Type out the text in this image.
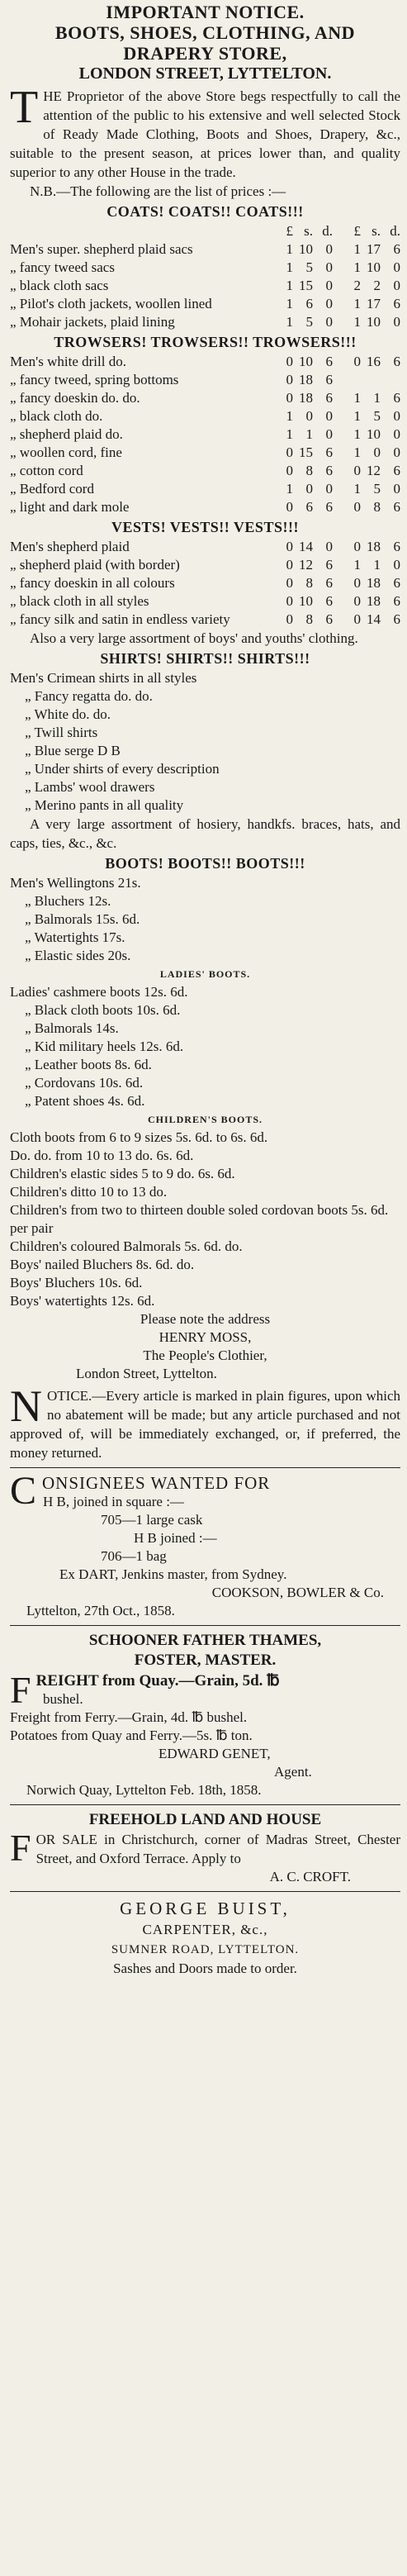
IMPORTANT NOTICE.
BOOTS, SHOES, CLOTHING, AND
DRAPERY STORE,
LONDON STREET, LYTTELTON.
THE Proprietor of the above Store begs respectfully to call the attention of the public to his extensive and well selected Stock of Ready Made Clothing, Boots and Shoes, Drapery, &c., suitable to the present season, at prices lower than, and quality superior to any other House in the trade.
N.B.—The following are the list of prices :—
COATS! COATS!! COATS!!!
	£	s.	d.		£	s.	d.
Men's super. shepherd plaid sacs	1	10	0		1	17	6
„ fancy tweed sacs	1	5	0		1	10	0
„ black cloth sacs	1	15	0		2	2	0
„ Pilot's cloth jackets, woollen lined	1	6	0		1	17	6
„ Mohair jackets, plaid lining	1	5	0		1	10	0
TROWSERS! TROWSERS!! TROWSERS!!!
Men's white drill do.	0	10	6		0	16	6
„ fancy tweed, spring bottoms	0	18	6				
„ fancy doeskin do. do.	0	18	6		1	1	6
„ black cloth do.	1	0	0		1	5	0
„ shepherd plaid do.	1	1	0		1	10	0
„ woollen cord, fine	0	15	6		1	0	0
„ cotton cord	0	8	6		0	12	6
„ Bedford cord	1	0	0		1	5	0
„ light and dark mole	0	6	6		0	8	6
VESTS! VESTS!! VESTS!!!
Men's shepherd plaid	0	14	0		0	18	6
„ shepherd plaid (with border)	0	12	6		1	1	0
„ fancy doeskin in all colours	0	8	6		0	18	6
„ black cloth in all styles	0	10	6		0	18	6
„ fancy silk and satin in endless variety	0	8	6		0	14	6
Also a very large assortment of boys' and youths' clothing.
SHIRTS! SHIRTS!! SHIRTS!!!
Men's Crimean shirts in all styles
„ Fancy regatta do. do.
„ White do. do.
„ Twill shirts
„ Blue serge D B
„ Under shirts of every description
„ Lambs' wool drawers
„ Merino pants in all quality
A very large assortment of hosiery, handkfs. braces, hats, and caps, ties, &c., &c.
BOOTS! BOOTS!! BOOTS!!!
Men's Wellingtons 21s.
„ Bluchers 12s.
„ Balmorals 15s. 6d.
„ Watertights 17s.
„ Elastic sides 20s.
LADIES' BOOTS.
Ladies' cashmere boots 12s. 6d.
„ Black cloth boots 10s. 6d.
„ Balmorals 14s.
„ Kid military heels 12s. 6d.
„ Leather boots 8s. 6d.
„ Cordovans 10s. 6d.
„ Patent shoes 4s. 6d.
CHILDREN'S BOOTS.
Cloth boots from 6 to 9 sizes 5s. 6d. to 6s. 6d.
Do. do. from 10 to 13 do. 6s. 6d.
Children's elastic sides 5 to 9 do. 6s. 6d.
Children's ditto 10 to 13 do.
Children's from two to thirteen double soled cordovan boots 5s. 6d. per pair
Children's coloured Balmorals 5s. 6d. do.
Boys' nailed Bluchers 8s. 6d. do.
Boys' Bluchers 10s. 6d.
Boys' watertights 12s. 6d.
Please note the address
HENRY MOSS,
The People's Clothier,
London Street, Lyttelton.
NOTICE.—Every article is marked in plain figures, upon which no abatement will be made; but any article purchased and not approved of, will be immediately exchanged, or, if preferred, the money returned.
CONSIGNEES WANTED FOR
H B, joined in square :—
705—1 large cask
H B joined :—
706—1 bag
Ex DART, Jenkins master, from Sydney.
COOKSON, BOWLER & Co.
Lyttelton, 27th Oct., 1858.
SCHOONER FATHER THAMES,
FOSTER, MASTER.
FREIGHT from Quay.—Grain, 5d. ℔
bushel.
Freight from Ferry.—Grain, 4d. ℔ bushel.
Potatoes from Quay and Ferry.—5s. ℔ ton.
EDWARD GENET,
Agent.
Norwich Quay, Lyttelton Feb. 18th, 1858.
FREEHOLD LAND AND HOUSE
FOR SALE in Christchurch, corner of Madras Street, Chester Street, and Oxford Terrace. Apply to
A. C. CROFT.
GEORGE BUIST,
CARPENTER, &c.,
SUMNER ROAD, LYTTELTON.
Sashes and Doors made to order.
